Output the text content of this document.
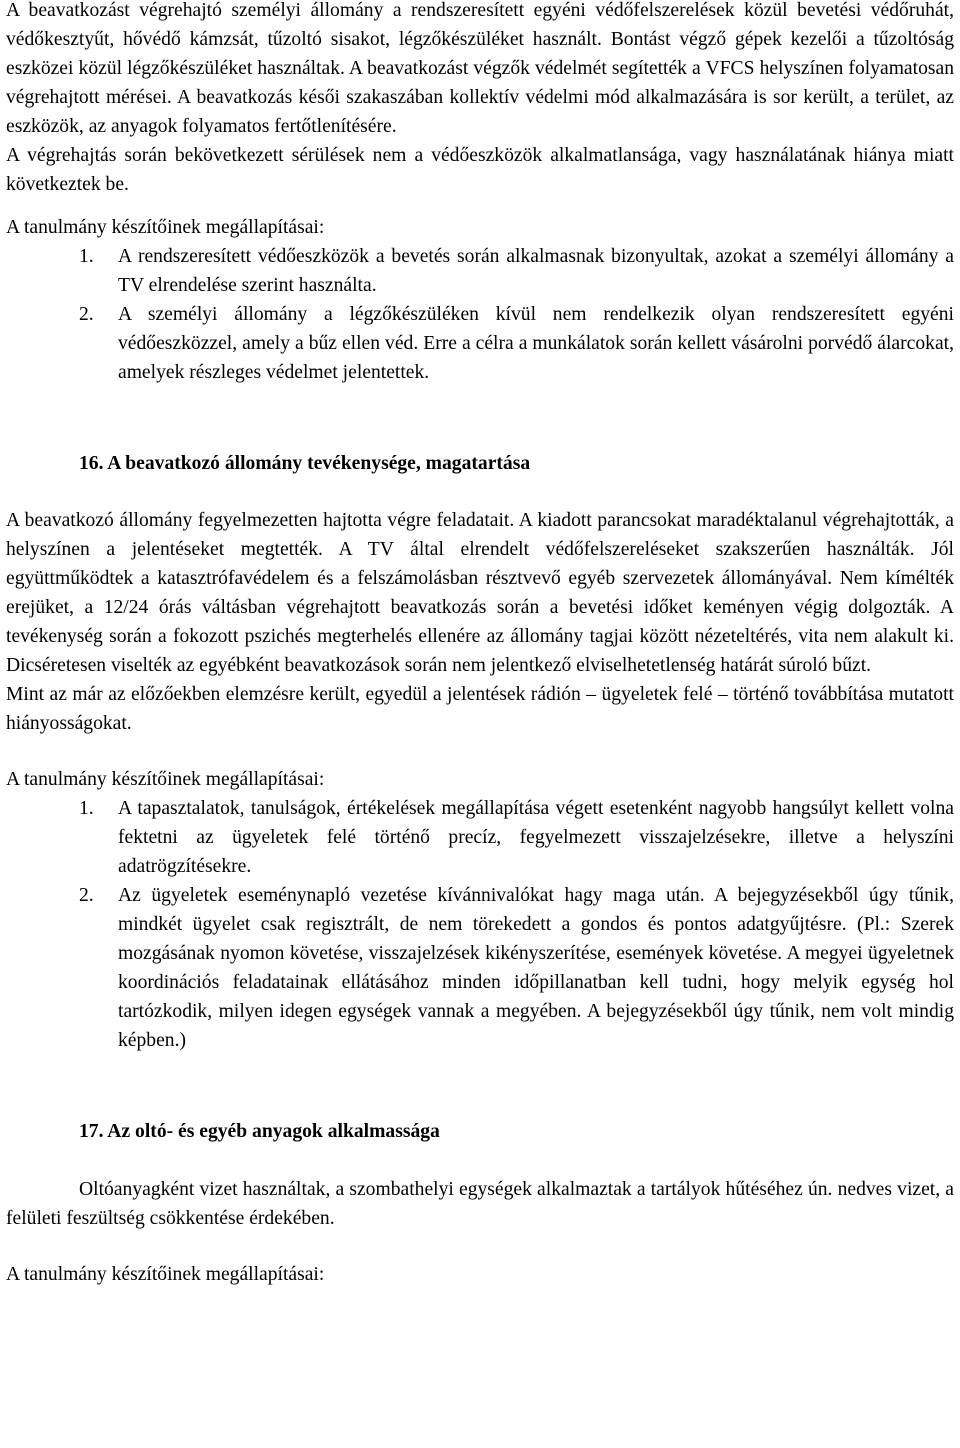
A beavatkozást végrehajtó személyi állomány a rendszeresített egyéni védőfelszerelések közül bevetési védőruhát, védőkesztyűt, hővédő kámzsát, tűzoltó sisakot, légzőkészüléket használt. Bontást végző gépek kezelői a tűzoltóság eszközei közül légzőkészüléket használtak. A beavatkozást végzők védelmét segítették a VFCS helyszínen folyamatosan végrehajtott mérései. A beavatkozás késői szakaszában kollektív védelmi mód alkalmazására is sor került, a terület, az eszközök, az anyagok folyamatos fertőtlenítésére.

A végrehajtás során bekövetkezett sérülések nem a védőeszközök alkalmatlansága, vagy használatának hiánya miatt következtek be.

A tanulmány készítőinek megállapításai:

1. A rendszeresített védőeszközök a bevetés során alkalmasnak bizonyultak, azokat a személyi állomány a TV elrendelése szerint használta.
2. A személyi állomány a légzőkészüléken kívül nem rendelkezik olyan rendszeresített egyéni védőeszközzel, amely a bűz ellen véd. Erre a célra a munkálatok során kellett vásárolni porvédő álarcokat, amelyek részleges védelmet jelentettek.
16. A beavatkozó állomány tevékenysége, magatartása

A beavatkozó állomány fegyelmezetten hajtotta végre feladatait. A kiadott parancsokat maradéktalanul végrehajtották, a helyszínen a jelentéseket megtették. A TV által elrendelt védőfelszereléseket szakszerűen használták. Jól együttműködtek a katasztrófavédelem és a felszámolásban résztvevő egyéb szervezetek állományával. Nem kímélték erejüket, a 12/24 órás váltásban végrehajtott beavatkozás során a bevetési időket keményen végig dolgozták. A tevékenység során a fokozott pszichés megterhelés ellenére az állomány tagjai között nézeteltérés, vita nem alakult ki. Dicséretesen viselték az egyébként beavatkozások során nem jelentkező elviselhetetlenség határát súroló bűzt.

Mint az már az előzőekben elemzésre került, egyedül a jelentések rádión – ügyeletek felé – történő továbbítása mutatott hiányosságokat.

A tanulmány készítőinek megállapításai:

1. A tapasztalatok, tanulságok, értékelések megállapítása végett esetenként nagyobb hangsúlyt kellett volna fektetni az ügyeletek felé történő precíz, fegyelmezett visszajelzésekre, illetve a helyszíni adatrögzítésekre.
2. Az ügyeletek eseménynapló vezetése kívánnivalókat hagy maga után. A bejegyzésekből úgy tűnik, mindkét ügyelet csak regisztrált, de nem törekedett a gondos és pontos adatgyűjtésre. (Pl.: Szerek mozgásának nyomon követése, visszajelzések kikényszerítése, események követése. A megyei ügyeletnek koordinációs feladatainak ellátásához minden időpillanatban kell tudni, hogy melyik egység hol tartózkodik, milyen idegen egységek vannak a megyében. A bejegyzésekből úgy tűnik, nem volt mindig képben.)
17. Az oltó- és egyéb anyagok alkalmassága

Oltóanyagként vizet használtak, a szombathelyi egységek alkalmaztak a tartályok hűtéséhez ún. nedves vizet, a felületi feszültség csökkentése érdekében.

A tanulmány készítőinek megállapításai:
